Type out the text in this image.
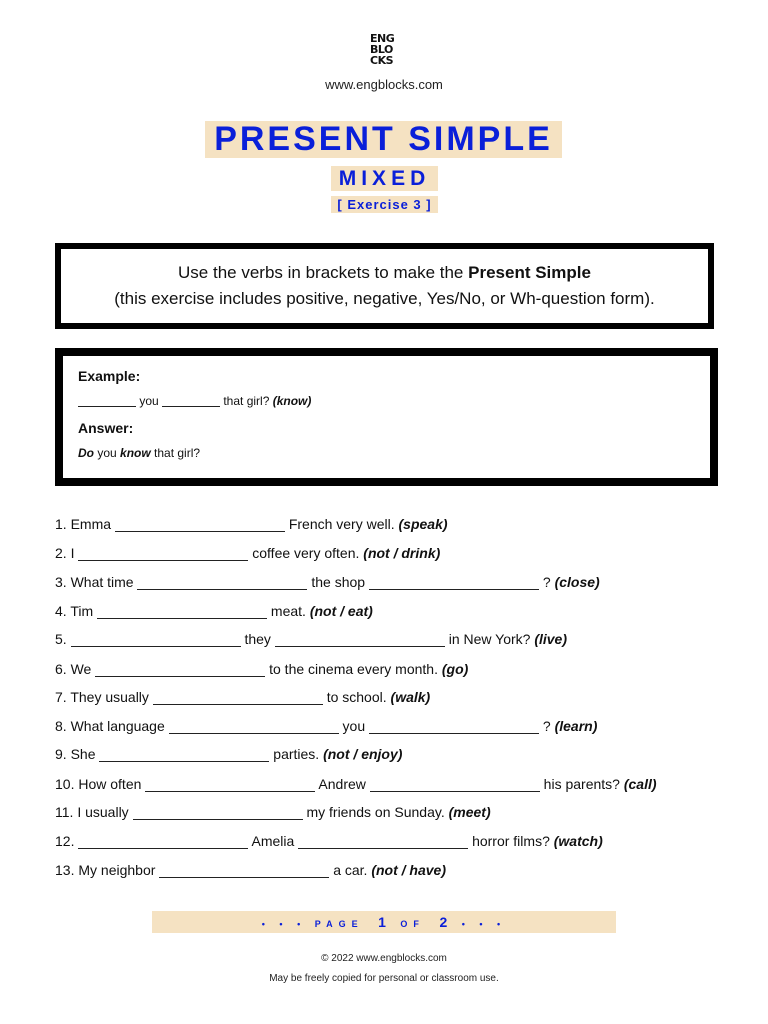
ENG
BLO
CKS
www.engblocks.com
PRESENT SIMPLE
MIXED
[ Exercise 3 ]
Use the verbs in brackets to make the Present Simple
(this exercise includes positive, negative, Yes/No, or Wh-question form).
Example:
you	that girl? (know)
Answer:
Do you know that girl?
1. Emma	French very well. (speak)
2. I	coffee very often. (not / drink)
3. What time	the shop	? (close)
4. Tim	meat. (not / eat)
5.	they	in New York? (live)
6. We	to the cinema every month. (go)
7. They usually	to school. (walk)
8. What language	you	? (learn)
9. She	parties. (not / enjoy)
10. How often	Andrew	his parents? (call)
11. I usually	my friends on Sunday. (meet)
12.	Amelia	horror films? (watch)
13. My neighbor	a car. (not / have)
• • • PAGE 1 OF 2 • • •
© 2022 www.engblocks.com
May be freely copied for personal or classroom use.
